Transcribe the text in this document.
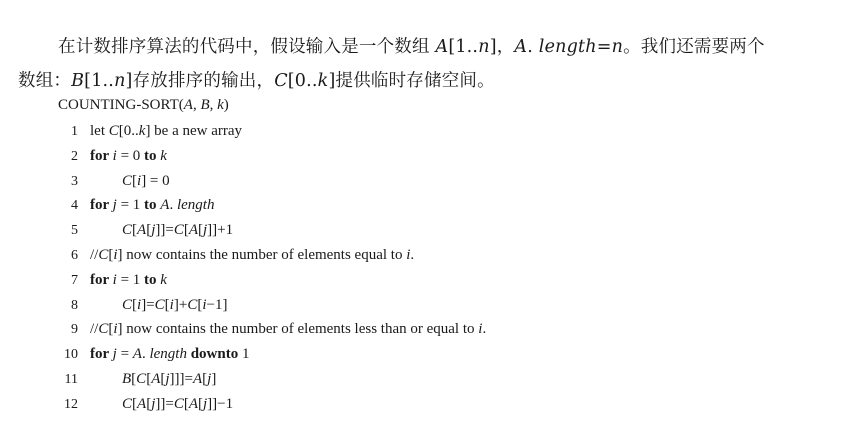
在计数排序算法的代码中，假设输入是一个数组 A[1..n]，A. length=n。我们还需要两个
数组：B[1..n]存放排序的输出，C[0..k]提供临时存储空间。
COUNTING-SORT(A, B, k)
1 let C[0..k] be a new array
2 for i = 0 to k
3	C[i] = 0
4 for j = 1 to A. length
5	C[A[j]]=C[A[j]]+1
6 //C[i] now contains the number of elements equal to i.
7 for i = 1 to k
8	C[i]=C[i]+C[i−1]
9 //C[i] now contains the number of elements less than or equal to i.
10 for j = A. length downto 1
11	B[C[A[j]]]=A[j]
12	C[A[j]]=C[A[j]]−1
